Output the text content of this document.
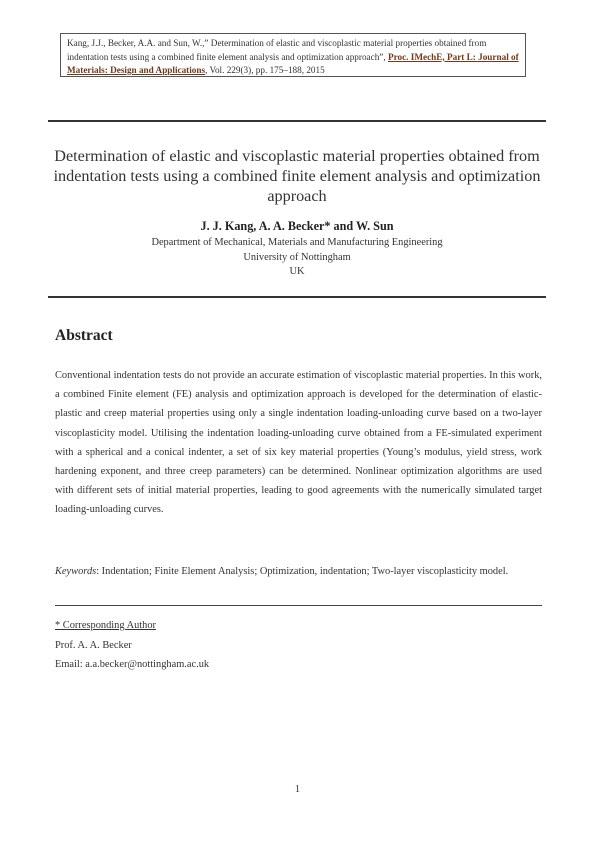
Kang, J.J., Becker, A.A. and Sun, W.,” Determination of elastic and viscoplastic material properties obtained from indentation tests using a combined finite element analysis and optimization approach”, Proc. IMechE, Part L: Journal of Materials: Design and Applications, Vol. 229(3), pp. 175–188, 2015
Determination of elastic and viscoplastic material properties obtained from indentation tests using a combined finite element analysis and optimization approach
J. J. Kang, A. A. Becker* and W. Sun
Department of Mechanical, Materials and Manufacturing Engineering
University of Nottingham
UK
Abstract
Conventional indentation tests do not provide an accurate estimation of viscoplastic material properties. In this work, a combined Finite element (FE) analysis and optimization approach is developed for the determination of elastic-plastic and creep material properties using only a single indentation loading-unloading curve based on a two-layer viscoplasticity model. Utilising the indentation loading-unloading curve obtained from a FE-simulated experiment with a spherical and a conical indenter, a set of six key material properties (Young’s modulus, yield stress, work hardening exponent, and three creep parameters) can be determined. Nonlinear optimization algorithms are used with different sets of initial material properties, leading to good agreements with the numerically simulated target loading-unloading curves.
Keywords: Indentation; Finite Element Analysis; Optimization, indentation; Two-layer viscoplasticity model.
* Corresponding Author
Prof. A. A. Becker
Email: a.a.becker@nottingham.ac.uk
1
